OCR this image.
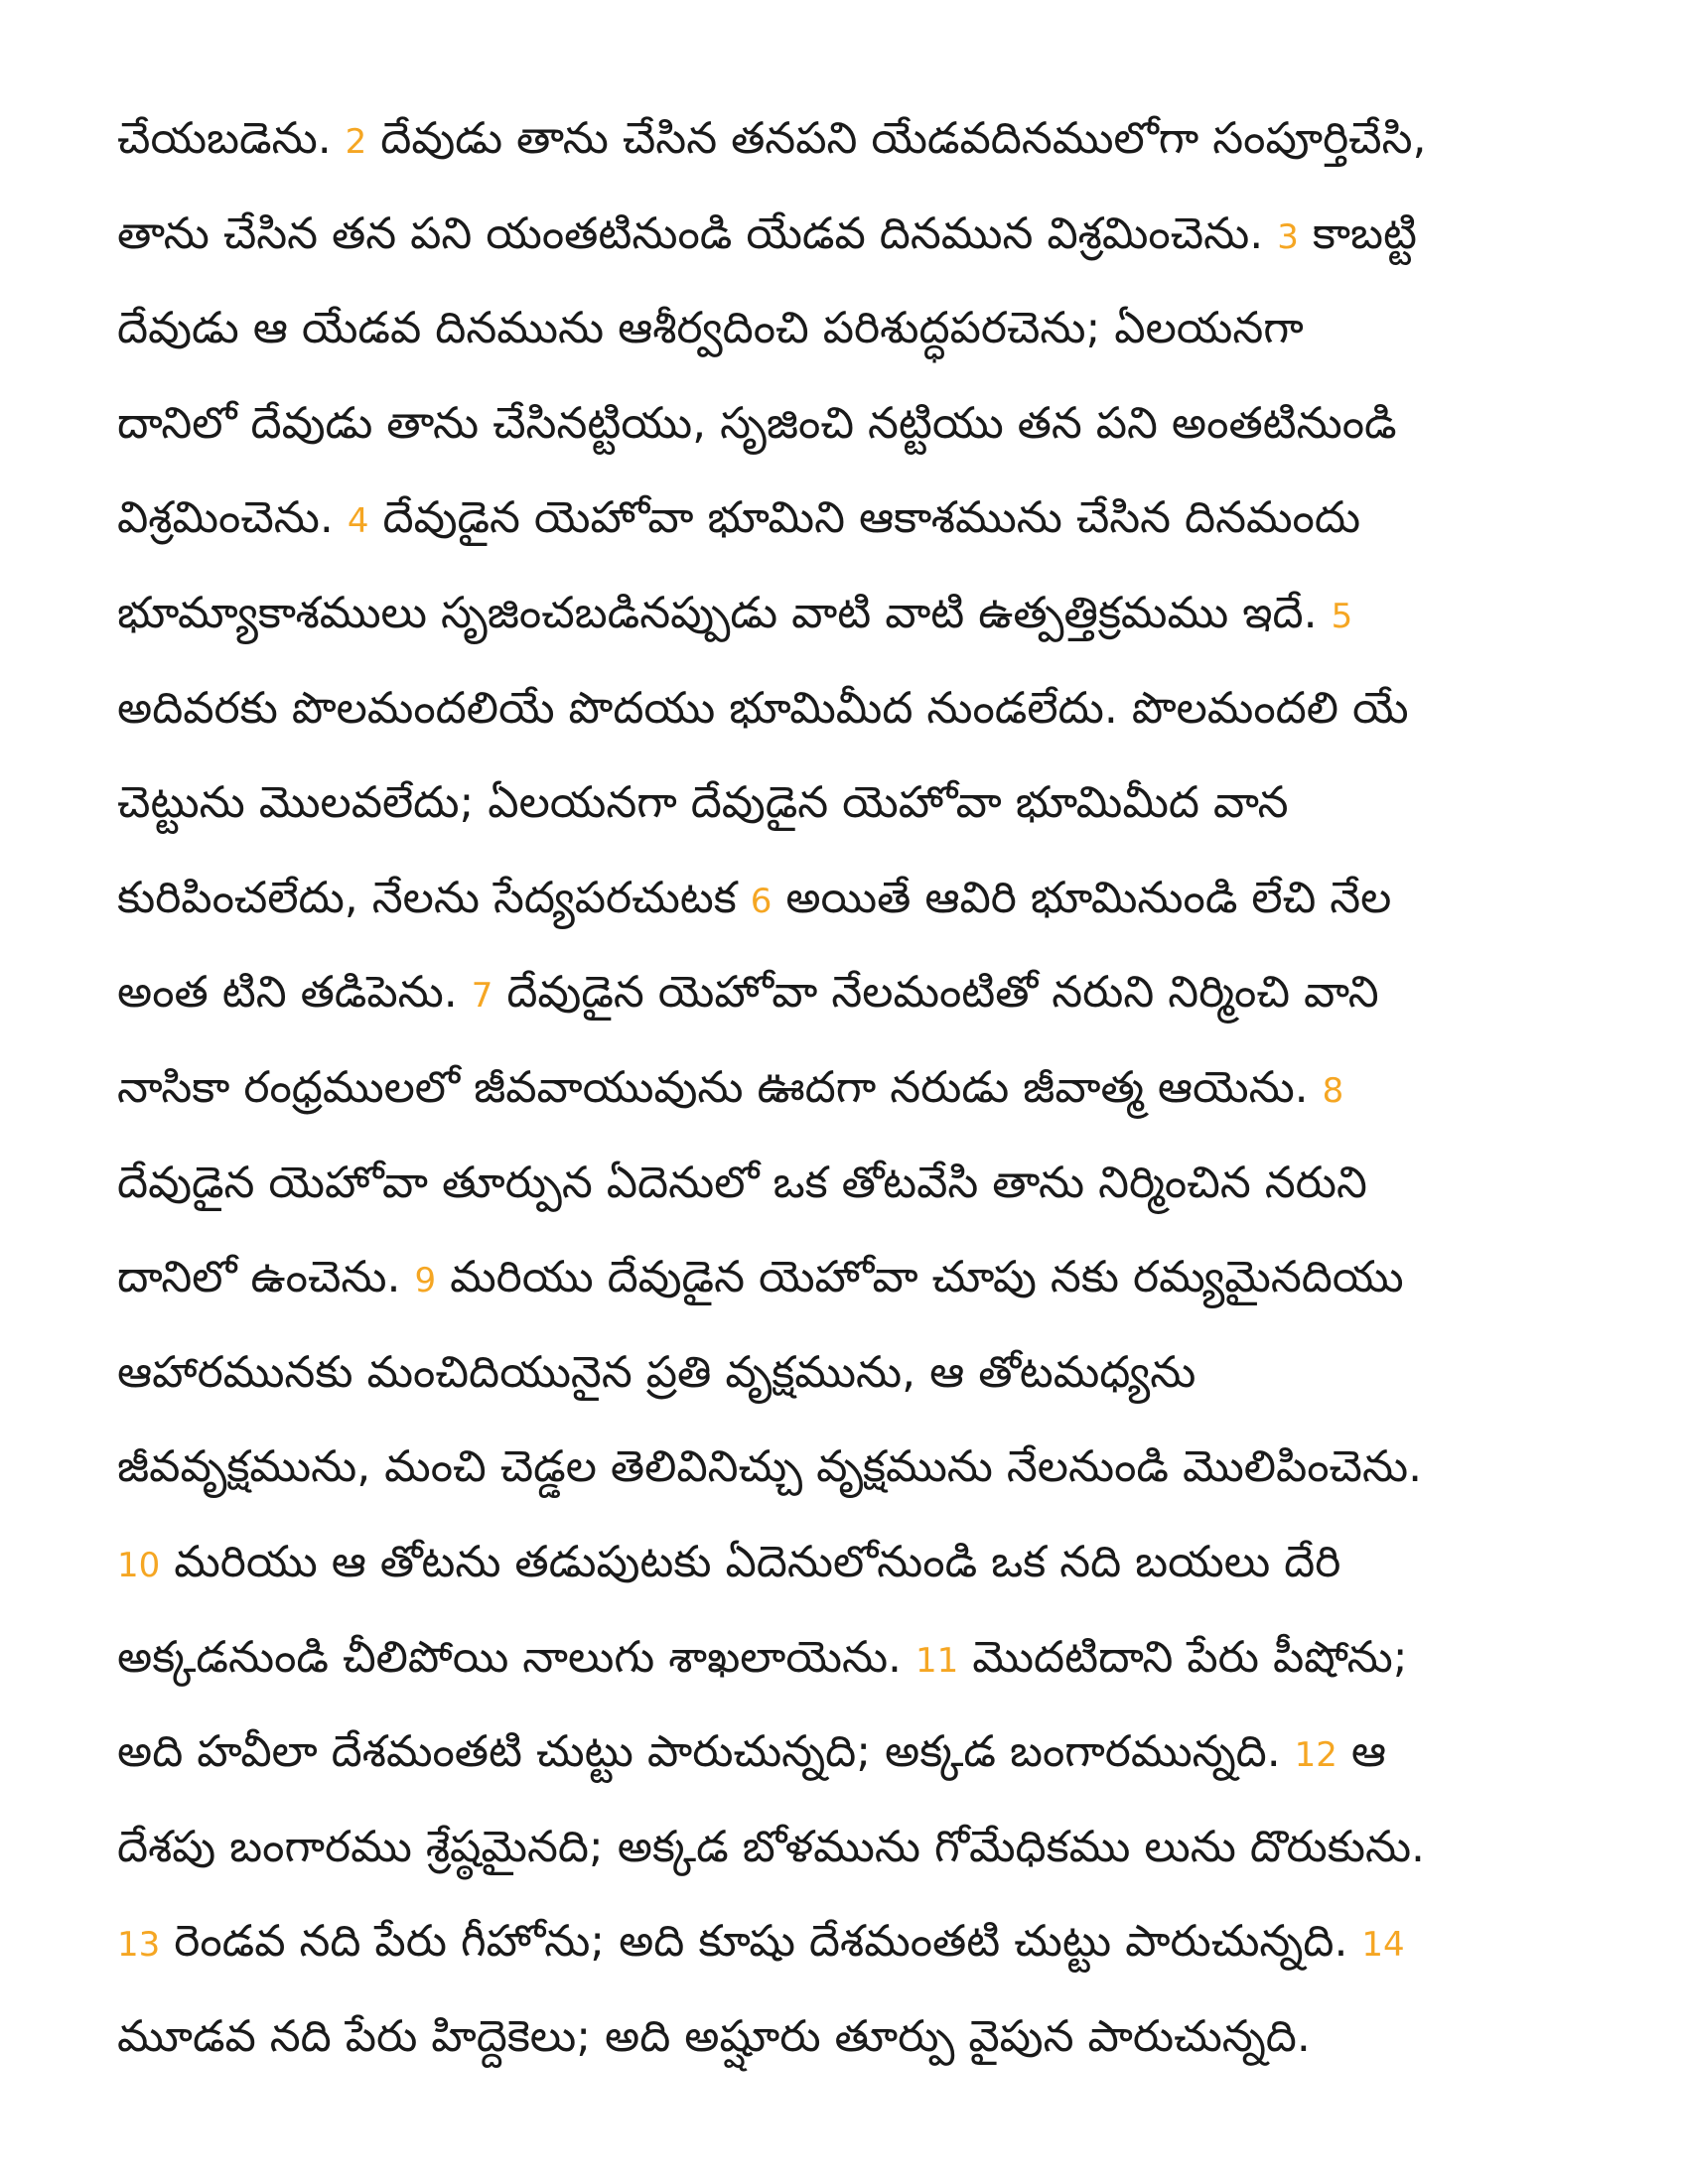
చేయబడెను. 2 దేవుడు తాను చేసిన తనపని యేడవదినములోగా సంపూర్తిచేసి,
తాను చేసిన తన పని యంతటినుండి యేడవ దినమున విశ్రమించెను. 3 కాబట్టి
దేవుడు ఆ యేడవ దినమును ఆశీర్వదించి పరిశుద్ధపరచెను; ఏలయనగా
దానిలో దేవుడు తాను చేసినట్టియు, సృజించి నట్టియు తన పని అంతటినుండి
విశ్రమించెను. 4 దేవుడైన యెహోవా భూమిని ఆకాశమును చేసిన దినమందు
భూమ్యాకాశములు సృజించబడినప్పుడు వాటి వాటి ఉత్పత్తిక్రమము ఇదే. 5
అదివరకు పొలమందలియే పొదయు భూమిమీద నుండలేదు. పొలమందలి యే
చెట్టును మొలవలేదు; ఏలయనగా దేవుడైన యెహోవా భూమిమీద వాన
కురిపించలేదు, నేలను సేద్యపరచుటక 6 అయితే ఆవిరి భూమినుండి లేచి నేల
అంత టిని తడిపెను. 7 దేవుడైన యెహోవా నేలమంటితో నరుని నిర్మించి వాని
నాసికా రంధ్రములలో జీవవాయువును ఊదగా నరుడు జీవాత్మ ఆయెను. 8
దేవుడైన యెహోవా తూర్పున ఏదెనులో ఒక తోటవేసి తాను నిర్మించిన నరుని
దానిలో ఉంచెను. 9 మరియు దేవుడైన యెహోవా చూపు నకు రమ్యమైనదియు
ఆహారమునకు మంచిదియునైన ప్రతి వృక్షమును, ఆ తోటమధ్యను
జీవవృక్షమును, మంచి చెడ్డల తెలివినిచ్చు వృక్షమును నేలనుండి మొలిపించెను.
10 మరియు ఆ తోటను తడుపుటకు ఏదెనులోనుండి ఒక నది బయలు దేరి
అక్కడనుండి చీలిపోయి నాలుగు శాఖలాయెను. 11 మొదటిదాని పేరు పీషోను;
అది హవీలా దేశమంతటి చుట్టు పారుచున్నది; అక్కడ బంగారమున్నది. 12 ఆ
దేశపు బంగారము శ్రేష్ఠమైనది; అక్కడ బోళమును గోమేధికము లును దొరుకును.
13 రెండవ నది పేరు గీహోను; అది కూషు దేశమంతటి చుట్టు పారుచున్నది. 14
మూడవ నది పేరు హిద్దెకెలు; అది అష్షూరు తూర్పు వైపున పారుచున్నది.
